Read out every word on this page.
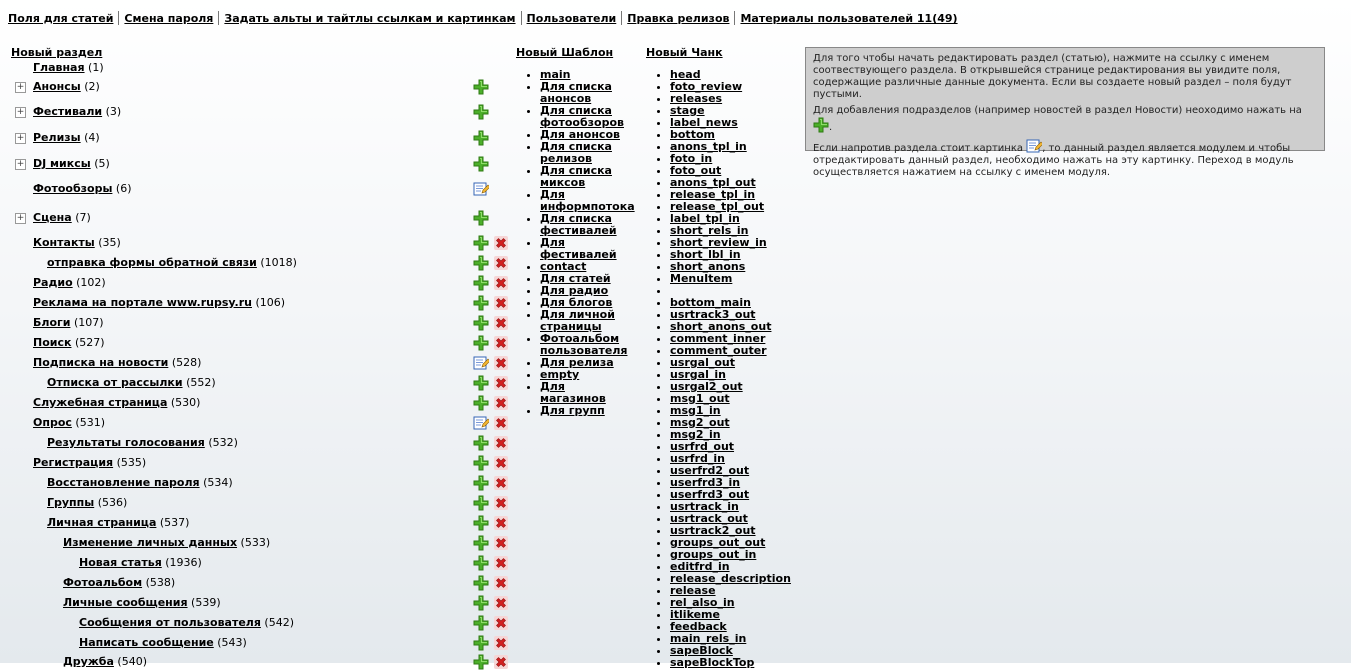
Поля для статей Смена пароля Задать альты и тайтлы ссылкам и картинкам Пользователи Правка релизов Материалы пользователей 11(49)
Новый раздел
Главная (1)
+ Анонсы (2)
+ Фестивали (3)
+ Релизы (4)
+ DJ миксы (5)
Фотообзоры (6)
+ Сцена (7)
Контакты (35)
отправка формы обратной связи (1018)
Радио (102)
Реклама на портале www.rupsy.ru (106)
Блоги (107)
Поиск (527)
Подписка на новости (528)
Отписка от рассылки (552)
Служебная страница (530)
Опрос (531)
Результаты голосования (532)
Регистрация (535)
Восстановление пароля (534)
Группы (536)
Личная страница (537)
Изменение личных данных (533)
Новая статья (1936)
Фотоальбом (538)
Личные сообщения (539)
Сообщения от пользователя (542)
Написать сообщение (543)
Дружба (540)
Новый Шаблон
• main
• Для списка
анонсов
• Для списка
фотообзоров
• Для анонсов
• Для списка
релизов
• Для списка
миксов
• Для
информпотока
• Для списка
фестивалей
• Для
фестивалей
• contact
• Для статей
• Для радио
• Для блогов
• Для личной
страницы
• Фотоальбом
пользователя
• Для релиза
• empty
• Для
магазинов
• Для групп
Новый Чанк
• head
• foto_review
• releases
• stage
• label_news
• bottom
• anons_tpl_in
• foto_in
• foto_out
• anons_tpl_out
• release_tpl_in
• release_tpl_out
• label_tpl_in
• short_rels_in
• short_review_in
• short_lbl_in
• short_anons
• MenuItem
•
• bottom_main
• usrtrack3_out
• short_anons_out
• comment_inner
• comment_outer
• usrgal_out
• usrgal_in
• usrgal2_out
• msg1_out
• msg1_in
• msg2_out
• msg2_in
• usrfrd_out
• usrfrd_in
• userfrd2_out
• userfrd3_in
• userfrd3_out
• usrtrack_in
• usrtrack_out
• usrtrack2_out
• groups_out_out
• groups_out_in
• editfrd_in
• release_description
• release
• rel_also_in
• itlikeme
• feedback
• main_rels_in
• sapeBlock
• sapeBlockTop

Для того чтобы начать редактировать раздел (статью), нажмите на ссылку с именем соотвествующего раздела. В открывшейся странице редактирования вы увидите поля, содержащие различные данные документа. Если вы создаете новый раздел – поля будут пустыми.

Для добавления подразделов (например новостей в раздел Новости) неоходимо нажать на
.

Если напротив раздела стоит картинка , то данный раздел является модулем и чтобы отредактировать данный раздел, необходимо нажать на эту картинку. Переход в модуль осуществляется нажатием на ссылку с именем модуля.
